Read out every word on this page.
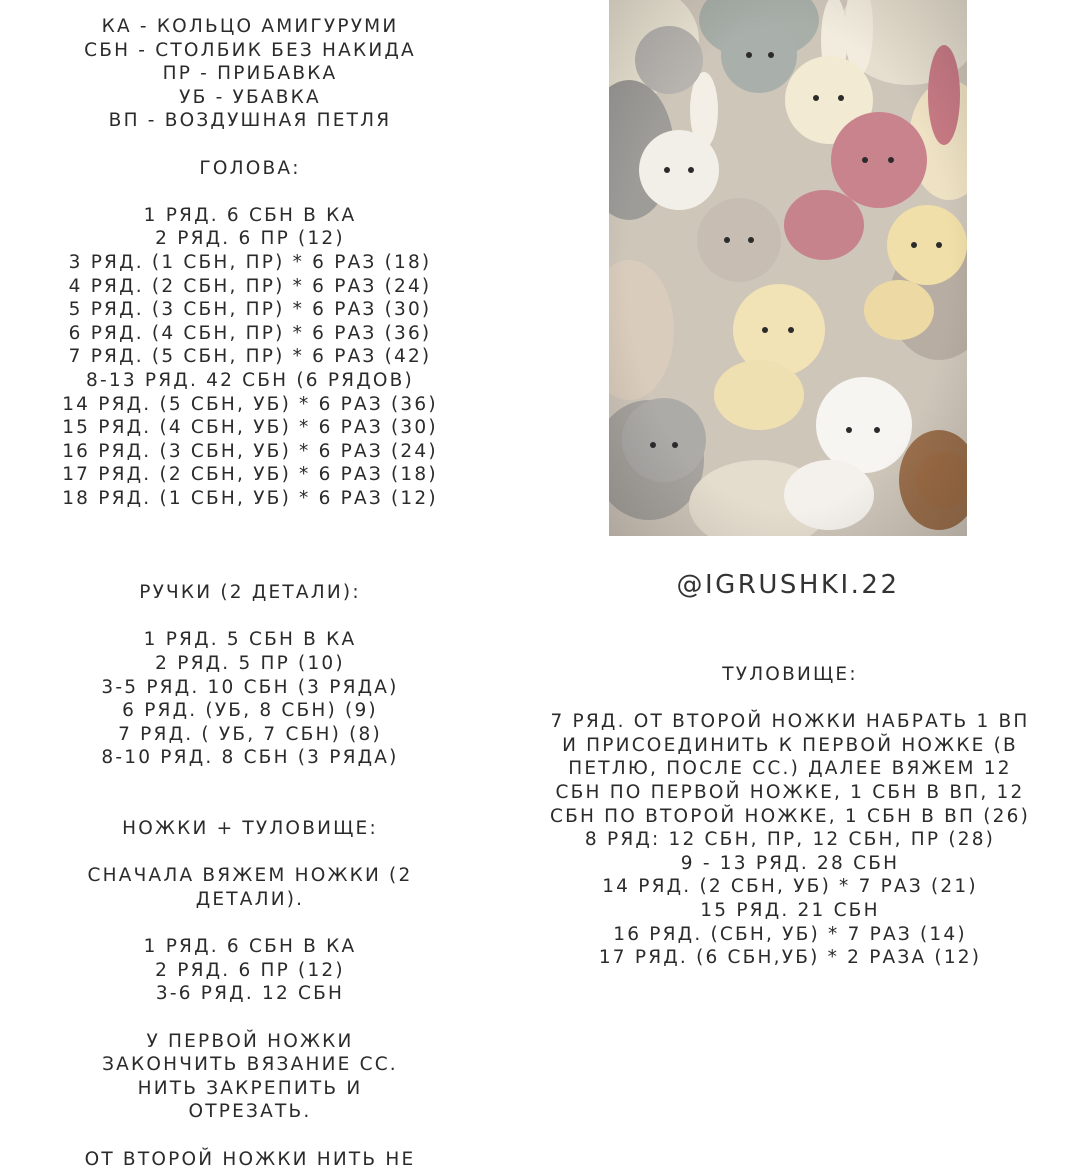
КА - КОЛЬЦО АМИГУРУМИ
СБН - СТОЛБИК БЕЗ НАКИДА
ПР - ПРИБАВКА
УБ - УБАВКА
ВП - ВОЗДУШНАЯ ПЕТЛЯ
ГОЛОВА:
1 РЯД. 6 СБН В КА
2 РЯД. 6 ПР (12)
3 РЯД. (1 СБН, ПР) * 6 РАЗ (18)
4 РЯД. (2 СБН, ПР) * 6 РАЗ (24)
5 РЯД. (3 СБН, ПР) * 6 РАЗ (30)
6 РЯД. (4 СБН, ПР) * 6 РАЗ (36)
7 РЯД. (5 СБН, ПР) * 6 РАЗ (42)
8-13 РЯД. 42 СБН (6 РЯДОВ)
14 РЯД. (5 СБН, УБ) * 6 РАЗ (36)
15 РЯД. (4 СБН, УБ) * 6 РАЗ (30)
16 РЯД. (3 СБН, УБ) * 6 РАЗ (24)
17 РЯД. (2 СБН, УБ) * 6 РАЗ (18)
18 РЯД. (1 СБН, УБ) * 6 РАЗ (12)
РУЧКИ (2 ДЕТАЛИ):
1 РЯД. 5 СБН В КА
2 РЯД. 5 ПР (10)
3-5 РЯД. 10 СБН (3 РЯДА)
6 РЯД. (УБ, 8 СБН) (9)
7 РЯД. ( УБ, 7 СБН) (8)
8-10 РЯД. 8 СБН (3 РЯДА)
НОЖКИ + ТУЛОВИЩЕ:
СНАЧАЛА ВЯЖЕМ НОЖКИ (2
ДЕТАЛИ).
1 РЯД. 6 СБН В КА
2 РЯД. 6 ПР (12)
3-6 РЯД. 12 СБН
У ПЕРВОЙ НОЖКИ
ЗАКОНЧИТЬ ВЯЗАНИЕ СС.
НИТЬ ЗАКРЕПИТЬ И
ОТРЕЗАТЬ.
ОТ ВТОРОЙ НОЖКИ НИТЬ НЕ
@IGRUSHKI.22
ТУЛОВИЩЕ:
7 РЯД. ОТ ВТОРОЙ НОЖКИ НАБРАТЬ 1 ВП
И ПРИСОЕДИНИТЬ К ПЕРВОЙ НОЖКЕ (В
ПЕТЛЮ, ПОСЛЕ СС.) ДАЛЕЕ ВЯЖЕМ 12
СБН ПО ПЕРВОЙ НОЖКЕ, 1 СБН В ВП, 12
СБН ПО ВТОРОЙ НОЖКЕ, 1 СБН В ВП (26)
8 РЯД: 12 СБН, ПР, 12 СБН, ПР (28)
9 - 13 РЯД. 28 СБН
14 РЯД. (2 СБН, УБ) * 7 РАЗ (21)
15 РЯД. 21 СБН
16 РЯД. (СБН, УБ) * 7 РАЗ (14)
17 РЯД. (6 СБН,УБ) * 2 РАЗА (12)
